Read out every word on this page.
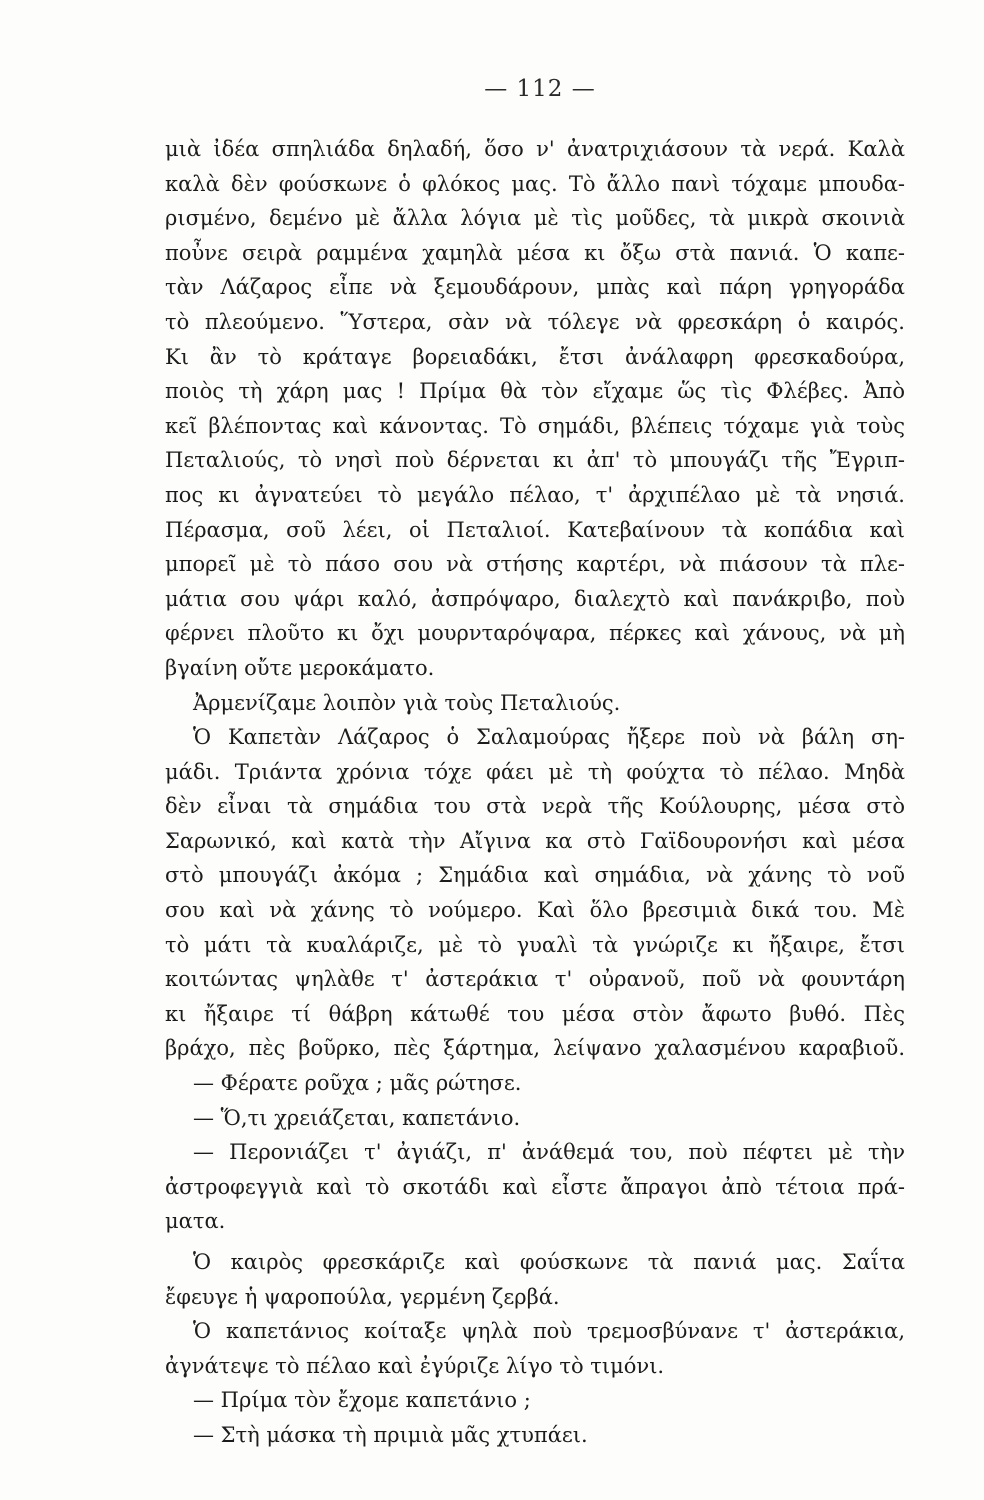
— 112 —
μιὰ ἰδέα σπηλιάδα δηλαδή, ὅσο ν' ἀνατριχιάσουν τὰ νερά. Καλὰ
καλὰ δὲν φούσκωνε ὁ φλόκος μας. Τὸ ἄλλο πανὶ τόχαμε μπουδα-
ρισμένο, δεμένο μὲ ἄλλα λόγια μὲ τὶς μοῦδες, τὰ μικρὰ σκοινιὰ
ποὖνε σειρὰ ραμμένα χαμηλὰ μέσα κι ὄξω στὰ πανιά. Ὁ καπε-
τὰν Λάζαρος εἶπε νὰ ξεμουδάρουν, μπὰς καὶ πάρη γρηγοράδα
τὸ πλεούμενο. Ὕστερα, σὰν νὰ τόλεγε νὰ φρεσκάρη ὁ καιρός.
Κι ἂν τὸ κράταγε βορειαδάκι, ἔτσι ἀνάλαφρη φρεσκαδούρα,
ποιὸς τὴ χάρη μας ! Πρίμα θὰ τὸν εἴχαμε ὥς τὶς Φλέβες. Ἀπὸ
κεῖ βλέποντας καὶ κάνοντας. Τὸ σημάδι, βλέπεις τόχαμε γιὰ τοὺς
Πεταλιούς, τὸ νησὶ ποὺ δέρνεται κι ἀπ' τὸ μπουγάζι τῆς Ἔγριπ-
πος κι ἀγνατεύει τὸ μεγάλο πέλαο, τ' ἀρχιπέλαο μὲ τὰ νησιά.
Πέρασμα, σοῦ λέει, οἱ Πεταλιοί. Κατεβαίνουν τὰ κοπάδια καὶ
μπορεῖ μὲ τὸ πάσο σου νὰ στήσης καρτέρι, νὰ πιάσουν τὰ πλε-
μάτια σου ψάρι καλό, ἀσπρόψαρο, διαλεχτὸ καὶ πανάκριβο, ποὺ
φέρνει πλοῦτο κι ὄχι μουρνταρόψαρα, πέρκες καὶ χάνους, νὰ μὴ
βγαίνη οὔτε μεροκάματο.
Ἀρμενίζαμε λοιπὸν γιὰ τοὺς Πεταλιούς.
Ὁ Καπετὰν Λάζαρος ὁ Σαλαμούρας ἤξερε ποὺ νὰ βάλη ση-
μάδι. Τριάντα χρόνια τόχε φάει μὲ τὴ φούχτα τὸ πέλαο. Μηδὰ
δὲν εἶναι τὰ σημάδια του στὰ νερὰ τῆς Κούλουρης, μέσα στὸ
Σαρωνικό, καὶ κατὰ τὴν Αἴγινα κα στὸ Γαϊδουρονήσι καὶ μέσα
στὸ μπουγάζι ἀκόμα ; Σημάδια καὶ σημάδια, νὰ χάνης τὸ νοῦ
σου καὶ νὰ χάνης τὸ νούμερο. Καὶ ὅλο βρεσιμιὰ δικά του. Μὲ
τὸ μάτι τὰ κυαλάριζε, μὲ τὸ γυαλὶ τὰ γνώριζε κι ἤξαιρε, ἔτσι
κοιτώντας ψηλὰθε τ' ἀστεράκια τ' οὐρανοῦ, ποῦ νὰ φουντάρη
κι ἤξαιρε τί θάβρη κάτωθέ του μέσα στὸν ἄφωτο βυθό. Πὲς
βράχο, πὲς βοῦρκο, πὲς ξάρτημα, λείψανο χαλασμένου καραβιοῦ.
— Φέρατε ροῦχα ; μᾶς ρώτησε.
— Ὅ,τι χρειάζεται, καπετάνιο.
— Περονιάζει τ' ἀγιάζι, π' ἀνάθεμά του, ποὺ πέφτει μὲ τὴν
ἀστροφεγγιὰ καὶ τὸ σκοτάδι καὶ εἶστε ἄπραγοι ἀπὸ τέτοια πρά-
ματα.
Ὁ καιρὸς φρεσκάριζε καὶ φούσκωνε τὰ πανιά μας. Σαΐτα
ἔφευγε ἡ ψαροπούλα, γερμένη ζερβά.
Ὁ καπετάνιος κοίταξε ψηλὰ ποὺ τρεμοσβύνανε τ' ἀστεράκια,
ἀγνάτεψε τὸ πέλαο καὶ ἐγύριζε λίγο τὸ τιμόνι.
— Πρίμα τὸν ἔχομε καπετάνιο ;
— Στὴ μάσκα τὴ πριμιὰ μᾶς χτυπάει.
